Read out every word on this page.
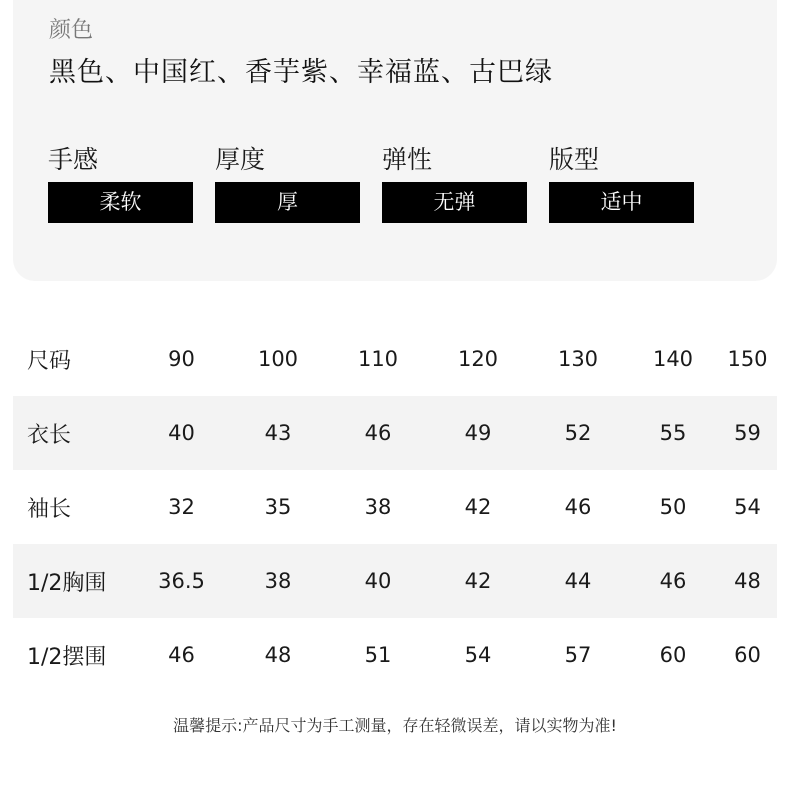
颜色
黑色、中国红、香芋紫、幸福蓝、古巴绿
手感
柔软
厚度
厚
弹性
无弹
版型
适中
尺码	90	100	110	120	130	140	150
衣长	40	43	46	49	52	55	59
袖长	32	35	38	42	46	50	54
1/2胸围	36.5	38	40	42	44	46	48
1/2摆围	46	48	51	54	57	60	60
温馨提示:产品尺寸为手工测量，存在轻微误差，请以实物为准!
